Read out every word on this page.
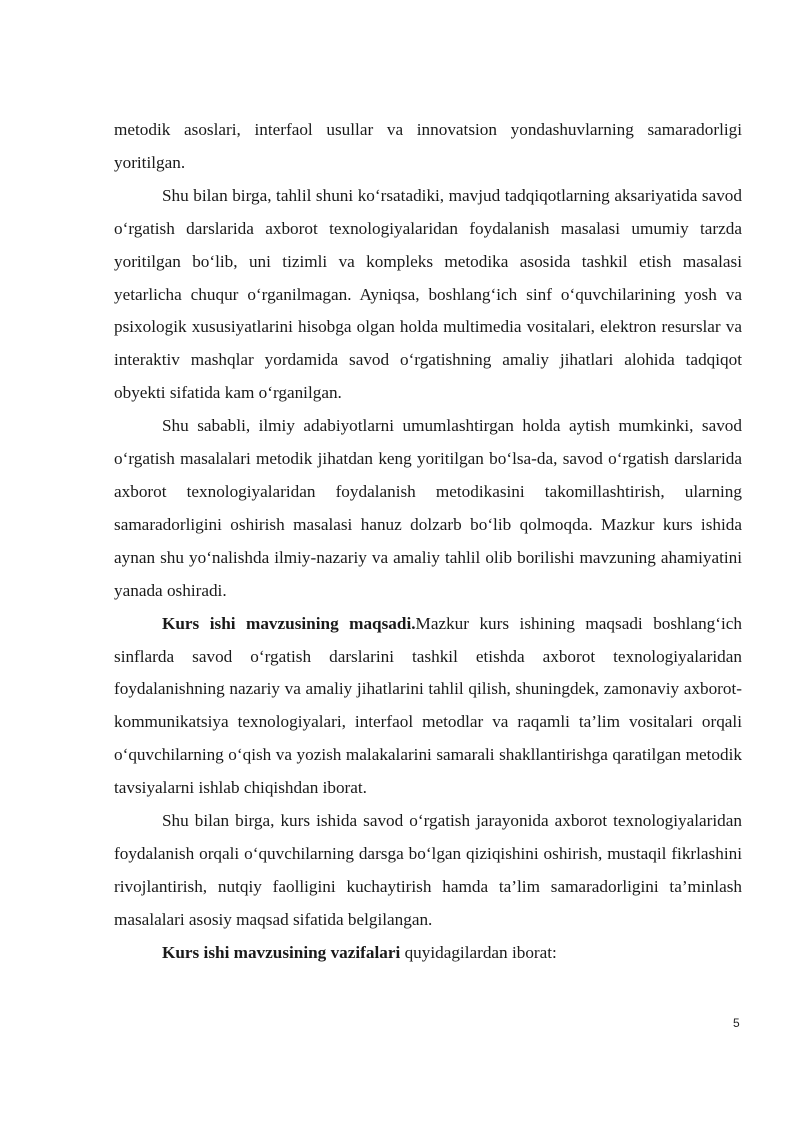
metodik asoslari, interfaol usullar va innovatsion yondashuvlarning samaradorligi yoritilgan.

Shu bilan birga, tahlil shuni ko‘rsatadiki, mavjud tadqiqotlarning aksariyatida savod o‘rgatish darslarida axborot texnologiyalaridan foydalanish masalasi umumiy tarzda yoritilgan bo‘lib, uni tizimli va kompleks metodika asosida tashkil etish masalasi yetarlicha chuqur o‘rganilmagan. Ayniqsa, boshlang‘ich sinf o‘quvchilarining yosh va psixologik xususiyatlarini hisobga olgan holda multimedia vositalari, elektron resurslar va interaktiv mashqlar yordamida savod o‘rgatishning amaliy jihatlari alohida tadqiqot obyekti sifatida kam o‘rganilgan.

Shu sababli, ilmiy adabiyotlarni umumlashtirgan holda aytish mumkinki, savod o‘rgatish masalalari metodik jihatdan keng yoritilgan bo‘lsa-da, savod o‘rgatish darslarida axborot texnologiyalaridan foydalanish metodikasini takomillashtirish, ularning samaradorligini oshirish masalasi hanuz dolzarb bo‘lib qolmoqda. Mazkur kurs ishida aynan shu yo‘nalishda ilmiy-nazariy va amaliy tahlil olib borilishi mavzuning ahamiyatini yanada oshiradi.

Kurs ishi mavzusining maqsadi.Mazkur kurs ishining maqsadi boshlang‘ich sinflarda savod o‘rgatish darslarini tashkil etishda axborot texnologiyalaridan foydalanishning nazariy va amaliy jihatlarini tahlil qilish, shuningdek, zamonaviy axborot-kommunikatsiya texnologiyalari, interfaol metodlar va raqamli ta’lim vositalari orqali o‘quvchilarning o‘qish va yozish malakalarini samarali shakllantirishga qaratilgan metodik tavsiyalarni ishlab chiqishdan iborat.

Shu bilan birga, kurs ishida savod o‘rgatish jarayonida axborot texnologiyalaridan foydalanish orqali o‘quvchilarning darsga bo‘lgan qiziqishini oshirish, mustaqil fikrlashini rivojlantirish, nutqiy faolligini kuchaytirish hamda ta’lim samaradorligini ta’minlash masalalari asosiy maqsad sifatida belgilangan.

Kurs ishi mavzusining vazifalari quyidagilardan iborat:

5
